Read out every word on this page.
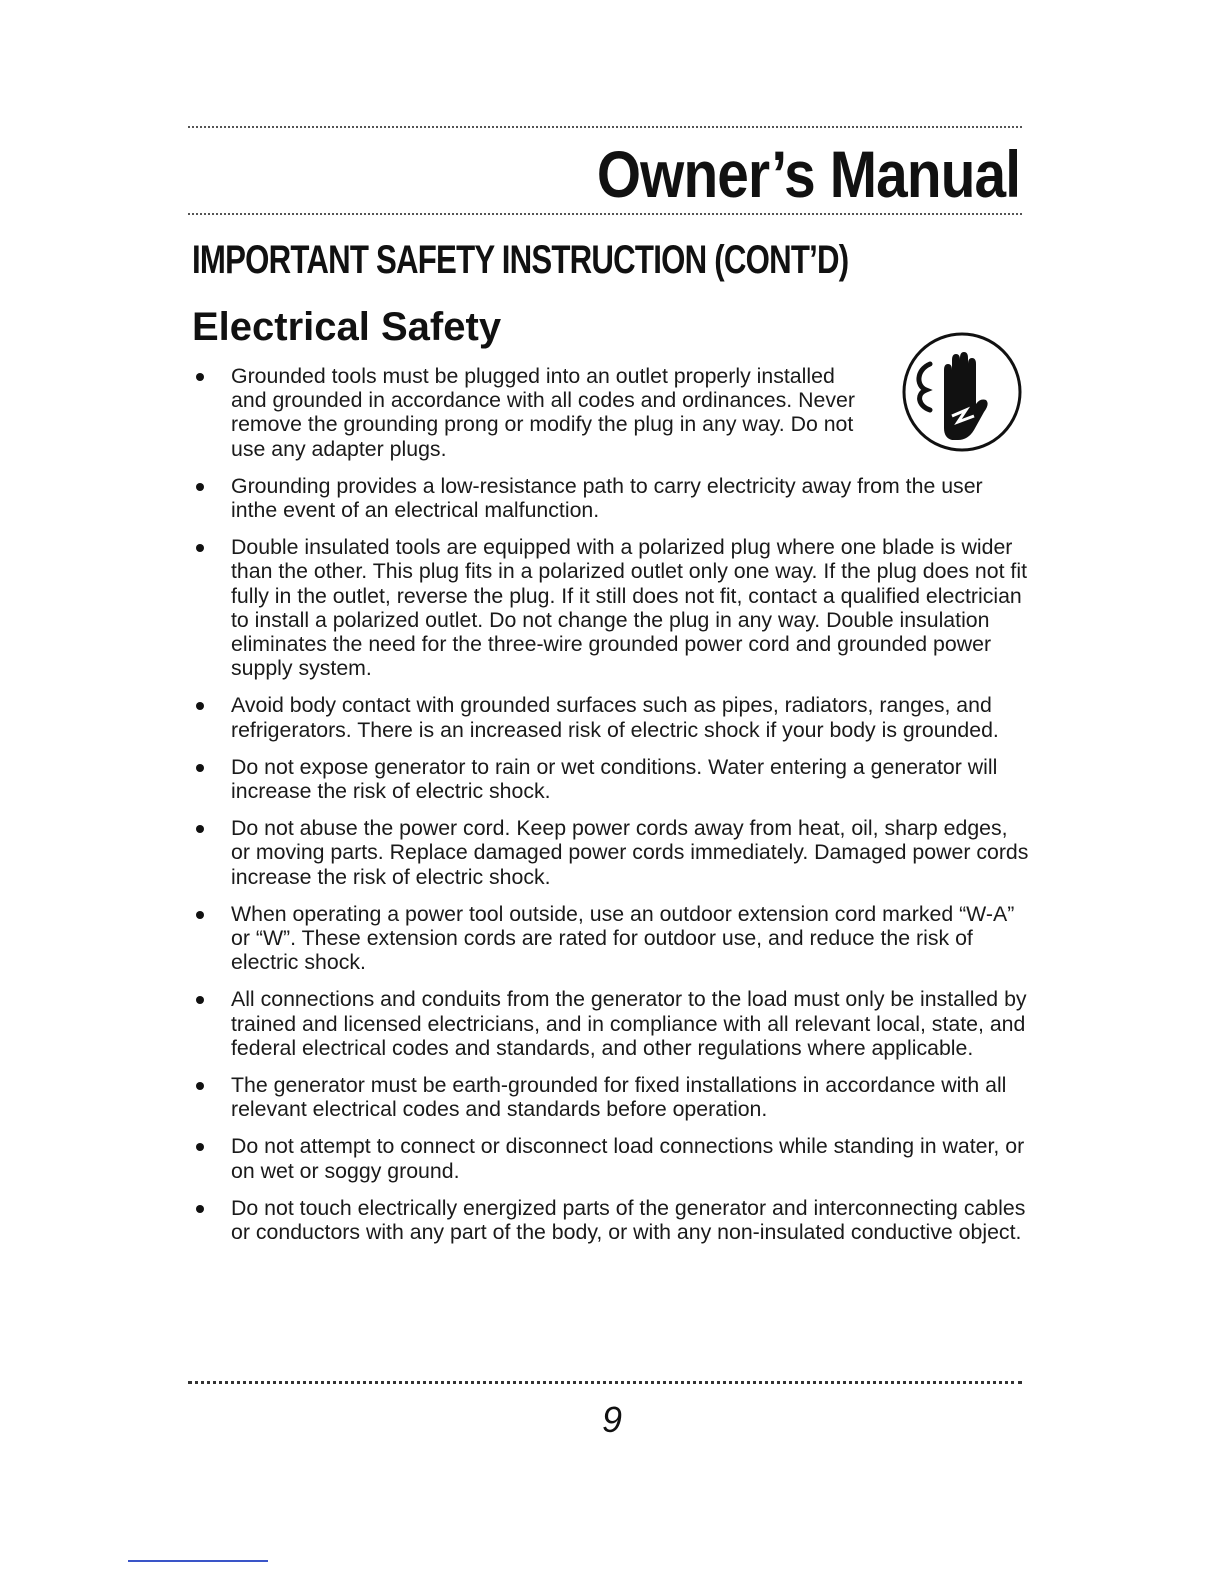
Owner’s Manual
IMPORTANT SAFETY INSTRUCTION (CONT’D)
Electrical Safety
Grounded tools must be plugged into an outlet properly installed and grounded in accordance with all codes and ordinances. Never remove the grounding prong or modify the plug in any way. Do not use any adapter plugs.
Grounding provides a low-resistance path to carry electricity away from the user inthe event of an electrical malfunction.
Double insulated tools are equipped with a polarized plug where one blade is wider than the other. This plug fits in a polarized outlet only one way. If the plug does not fit fully in the outlet, reverse the plug. If it still does not fit, contact a qualified electrician to install a polarized outlet. Do not change the plug in any way. Double insulation eliminates the need for the three-wire grounded power cord and grounded power supply system.
Avoid body contact with grounded surfaces such as pipes, radiators, ranges, and refrigerators. There is an increased risk of electric shock if your body is grounded.
Do not expose generator to rain or wet conditions. Water entering a generator will increase the risk of electric shock.
Do not abuse the power cord. Keep power cords away from heat, oil, sharp edges, or moving parts. Replace damaged power cords immediately. Damaged power cords increase the risk of electric shock.
When operating a power tool outside, use an outdoor extension cord marked “W-A” or “W”. These extension cords are rated for outdoor use, and reduce the risk of electric shock.
All connections and conduits from the generator to the load must only be installed by trained and licensed electricians, and in compliance with all relevant local, state, and federal electrical codes and standards, and other regulations where applicable.
The generator must be earth-grounded for fixed installations in accordance with all relevant electrical codes and standards before operation.
Do not attempt to connect or disconnect load connections while standing in water, or on wet or soggy ground.
Do not touch electrically energized parts of the generator and interconnecting cables or conductors with any part of the body, or with any non-insulated conductive object.

9
